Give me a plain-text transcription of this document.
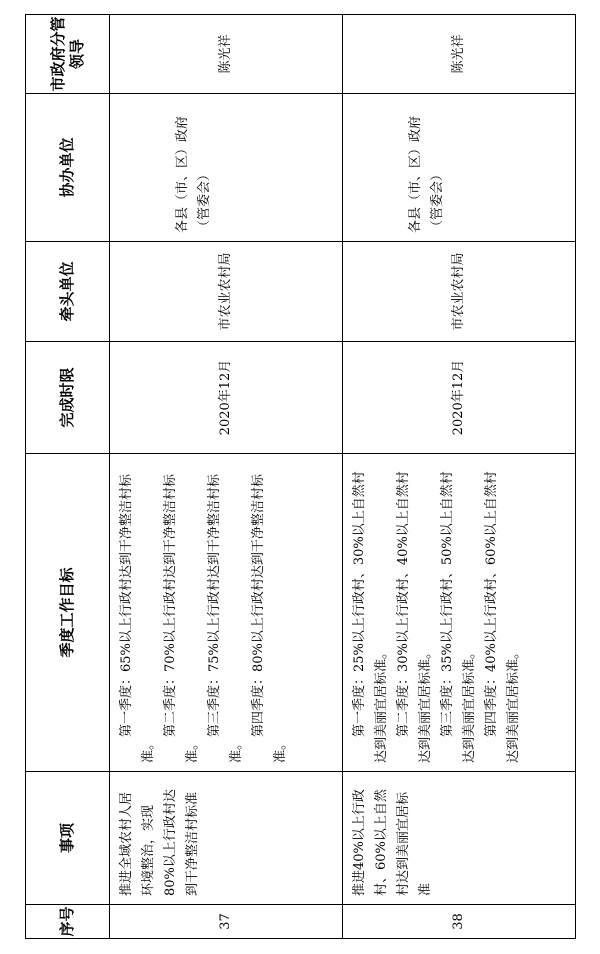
序号	事项	季度工作目标	完成时限	牵头单位	协办单位	市政府分管领导
37	推进全域农村人居环境整治，实现80%以上行政村达到干净整洁村标准	第一季度：65%以上行政村达到干净整洁村标准。

第二季度：70%以上行政村达到干净整洁村标准。

第三季度：75%以上行政村达到干净整洁村标准。

第四季度：80%以上行政村达到干净整洁村标准。	2020年12月	市农业农村局	各县（市、区）政府（管委会）	陈光祥
38	推进40%以上行政村、60%以上自然村达到美丽宜居标准	第一季度：25%以上行政村、30%以上自然村达到美丽宜居标准。 第二季度：30%以上行政村、40%以上自然村达到美丽宜居标准。 第三季度：35%以上行政村、50%以上自然村达到美丽宜居标准。 第四季度：40%以上行政村、60%以上自然村达到美丽宜居标准。	2020年12月	市农业农村局	各县（市、区）政府（管委会）	陈光祥
